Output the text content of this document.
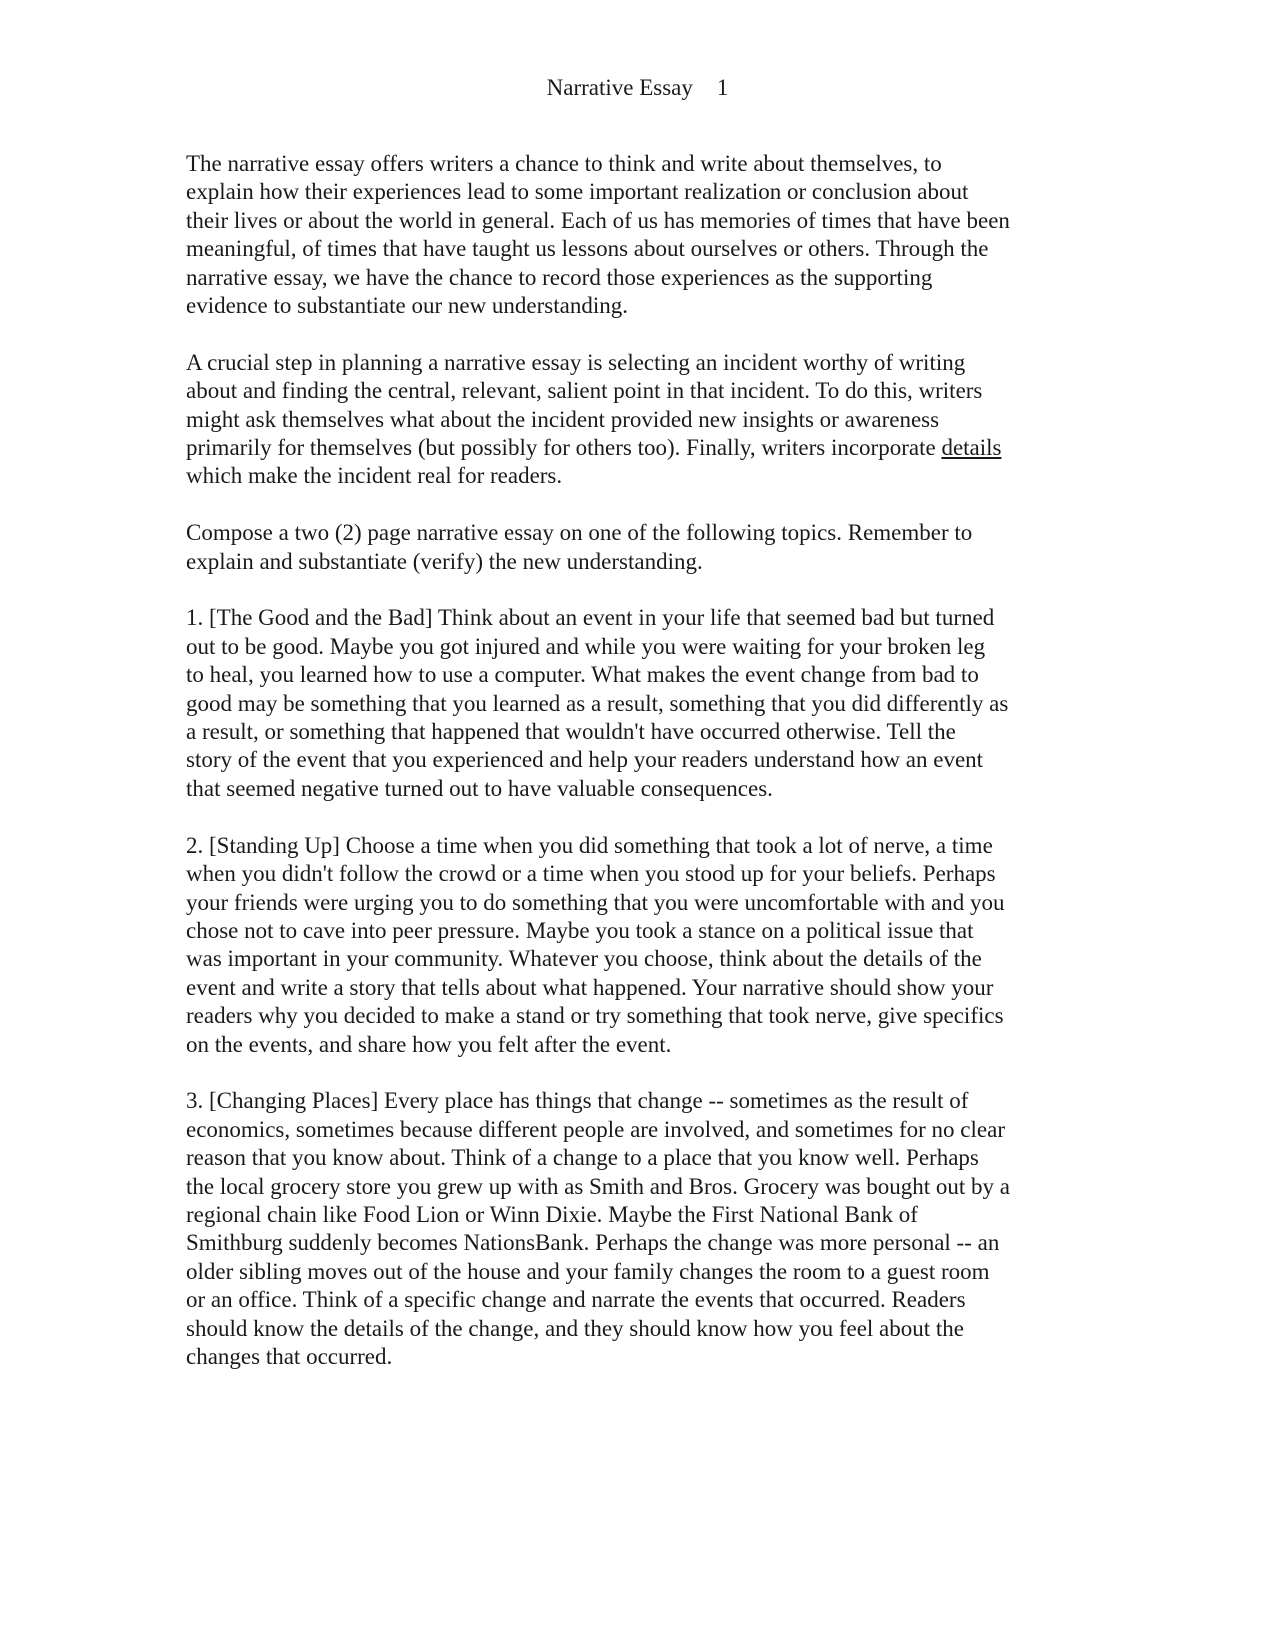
Narrative Essay 1

The narrative essay offers writers a chance to think and write about themselves, to
explain how their experiences lead to some important realization or conclusion about
their lives or about the world in general. Each of us has memories of times that have been
meaningful, of times that have taught us lessons about ourselves or others. Through the
narrative essay, we have the chance to record those experiences as the supporting
evidence to substantiate our new understanding.

A crucial step in planning a narrative essay is selecting an incident worthy of writing
about and finding the central, relevant, salient point in that incident. To do this, writers
might ask themselves what about the incident provided new insights or awareness
primarily for themselves (but possibly for others too). Finally, writers incorporate details
which make the incident real for readers.

Compose a two (2) page narrative essay on one of the following topics. Remember to
explain and substantiate (verify) the new understanding.

1. [The Good and the Bad] Think about an event in your life that seemed bad but turned
out to be good. Maybe you got injured and while you were waiting for your broken leg
to heal, you learned how to use a computer. What makes the event change from bad to
good may be something that you learned as a result, something that you did differently as
a result, or something that happened that wouldn't have occurred otherwise. Tell the
story of the event that you experienced and help your readers understand how an event
that seemed negative turned out to have valuable consequences.

2. [Standing Up] Choose a time when you did something that took a lot of nerve, a time
when you didn't follow the crowd or a time when you stood up for your beliefs. Perhaps
your friends were urging you to do something that you were uncomfortable with and you
chose not to cave into peer pressure. Maybe you took a stance on a political issue that
was important in your community. Whatever you choose, think about the details of the
event and write a story that tells about what happened. Your narrative should show your
readers why you decided to make a stand or try something that took nerve, give specifics
on the events, and share how you felt after the event.

3. [Changing Places] Every place has things that change -- sometimes as the result of
economics, sometimes because different people are involved, and sometimes for no clear
reason that you know about. Think of a change to a place that you know well. Perhaps
the local grocery store you grew up with as Smith and Bros. Grocery was bought out by a
regional chain like Food Lion or Winn Dixie. Maybe the First National Bank of
Smithburg suddenly becomes NationsBank. Perhaps the change was more personal -- an
older sibling moves out of the house and your family changes the room to a guest room
or an office. Think of a specific change and narrate the events that occurred. Readers
should know the details of the change, and they should know how you feel about the
changes that occurred.
